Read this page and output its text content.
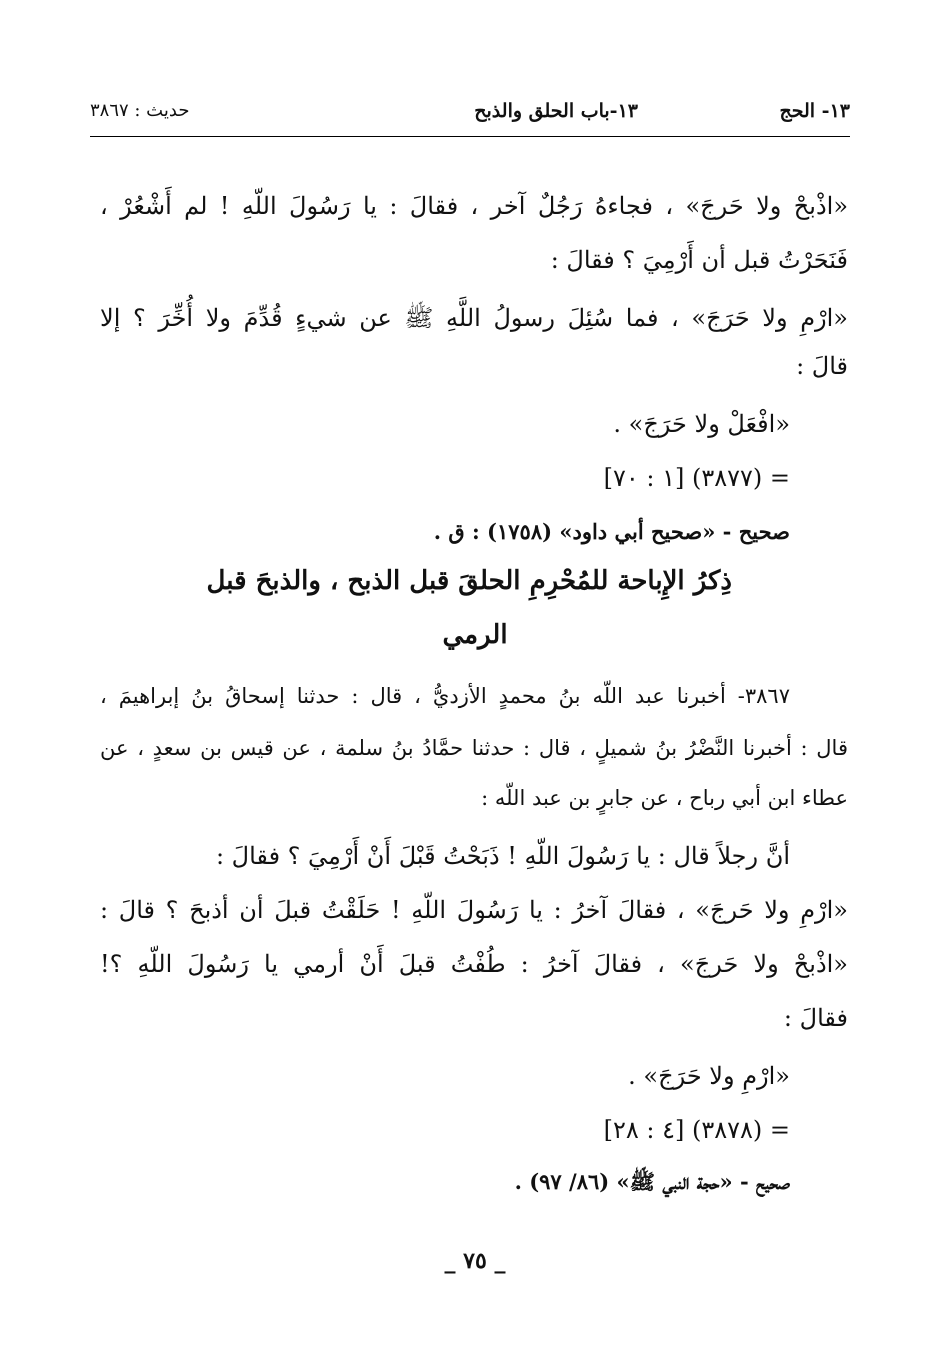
١٣- الحج
١٣-باب الحلق والذبح
حديث : ٣٨٦٧
«اذْبحْ ولا حَرجَ» ، فجاءهُ رَجُلٌ آخر ، فقالَ : يا رَسُولَ اللّهِ ! لم أَشْعُرْ ،
فَنَحَرْتُ قبل أن أَرْمِيَ ؟ فقالَ :
«ارْمِ ولا حَرَجَ» ، فما سُئِلَ رسولُ اللَّهِ ﷺ عن شيءٍ قُدِّمَ ولا أُخِّرَ ؟ إلا
قالَ :
«افْعَلْ ولا حَرَجَ» .
= (٣٨٧٧) [١ : ٧٠]
صحيح - «صحيح أبي داود» (١٧٥٨) : ق .
ذِكرُ الإِباحة للمُحْرِمِ الحلقَ قبل الذبح ، والذبحَ قبل
الرمي
٣٨٦٧- أخبرنا عبد اللّه بنُ محمدٍ الأزديُّ ، قال : حدثنا إسحاقُ بنُ إبراهيمَ ،
قال : أخبرنا النَّضْرُ بنُ شميلٍ ، قال : حدثنا حمَّادُ بنُ سلمة ، عن قيس بن سعدٍ ، عن
عطاء ابن أبي رباح ، عن جابرٍ بن عبد اللّه :
أنَّ رجلاً قال : يا رَسُولَ اللّهِ ! ذَبَحْتُ قَبْلَ أَنْ أَرْمِيَ ؟ فقالَ :
«ارْمِ ولا حَرجَ» ، فقالَ آخرُ : يا رَسُولَ اللّهِ ! حَلَقْتُ قبلَ أن أذبحَ ؟ قالَ :
«اذْبحْ ولا حَرجَ» ، فقالَ آخرُ : طُفْتُ قبلَ أَنْ أرمي يا رَسُولَ اللّهِ ؟!
فقالَ :
«ارْمِ ولا حَرَجَ» .
= (٣٨٧٨) [٤ : ٢٨]
صحيح - «حجة النبي ﷺ» (٨٦/ ٩٧) .
_ ٧٥ _
